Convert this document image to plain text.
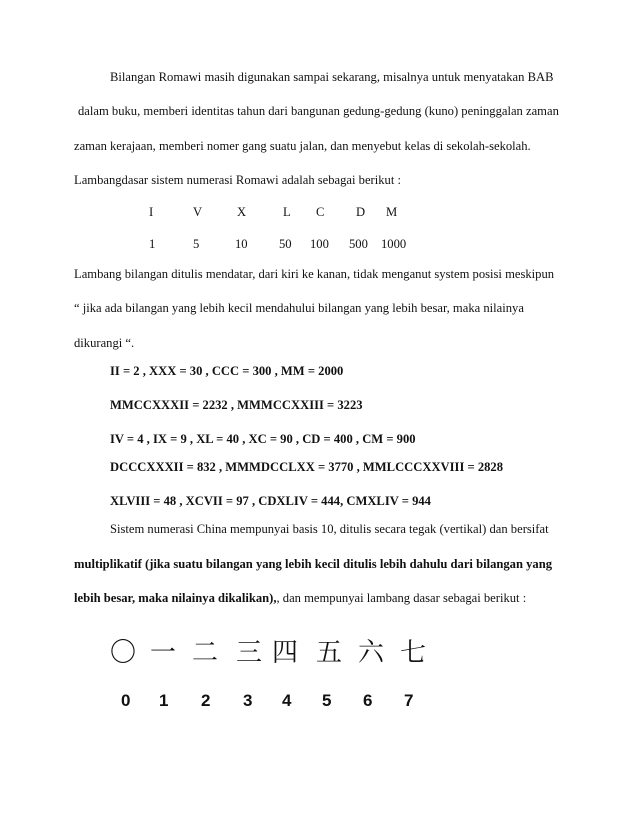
Bilangan Romawi masih digunakan sampai sekarang, misalnya untuk menyatakan BAB
dalam buku, memberi identitas tahun dari bangunan gedung-gedung (kuno) peninggalan zaman
zaman kerajaan, memberi nomer gang suatu jalan, dan menyebut kelas di sekolah-sekolah.
Lambangdasar sistem numerasi Romawi adalah sebagai berikut :
I	V	X	L C	D M
1	5	10 50 100 500 1000
Lambang bilangan ditulis mendatar, dari kiri ke kanan, tidak menganut system posisi meskipun
“ jika ada bilangan yang lebih kecil mendahului bilangan yang lebih besar, maka nilainya
dikurangi “.
II = 2 , XXX = 30 , CCC = 300 , MM = 2000
MMCCXXXII = 2232 , MMMCCXXIII = 3223
IV = 4 , IX = 9 , XL = 40 , XC = 90 , CD = 400 , CM = 900
DCCCXXXII = 832 , MMMDCCLXX = 3770 , MMLCCCXXVIII = 2828
XLVIII = 48 , XCVII = 97 , CDXLIV = 444, CMXLIV = 944
Sistem numerasi China mempunyai basis 10, ditulis secara tegak (vertikal) dan bersifat
multiplikatif (jika suatu bilangan yang lebih kecil ditulis lebih dahulu dari bilangan yang
lebih besar, maka nilainya dikalikan),, dan mempunyai lambang dasar sebagai berikut :
〇 一 二 三 四 五 六 七
0 1 2 3 4 5 6 7
